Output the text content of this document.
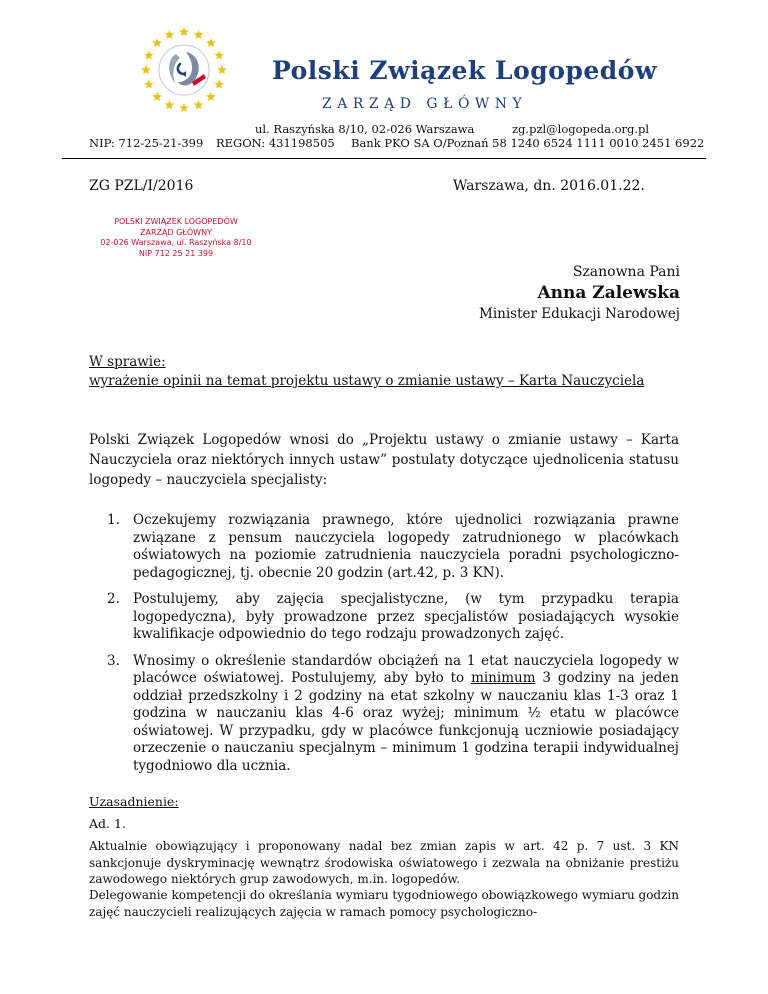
Polski Związek Logopedów
ZARZĄD GŁÓWNY
ul. Raszyńska 8/10, 02-026 Warszawa	zg.pzl@logopeda.org.pl
NIP: 712-25-21-399 REGON: 431198505 Bank PKO SA O/Poznań 58 1240 6524 1111 0010 2451 6922
ZG PZL/I/2016	Warszawa, dn. 2016.01.22.
POLSKI ZWIĄZEK LOGOPEDÓW
ZARZĄD GŁÓWNY
02-026 Warszawa, ul. Raszyńska 8/10
NIP 712 25 21 399
Szanowna Pani
Anna Zalewska
Minister Edukacji Narodowej
W sprawie:
wyrażenie opinii na temat projektu ustawy o zmianie ustawy – Karta Nauczyciela
Polski Związek Logopedów wnosi do „Projektu ustawy o zmianie ustawy – Karta Nauczyciela oraz niektórych innych ustaw” postulaty dotyczące ujednolicenia statusu logopedy – nauczyciela specjalisty:
1. Oczekujemy rozwiązania prawnego, które ujednolici rozwiązania prawne związane z pensum nauczyciela logopedy zatrudnionego w placówkach oświatowych na poziomie zatrudnienia nauczyciela poradni psychologiczno-pedagogicznej, tj. obecnie 20 godzin (art.42, p. 3 KN).
2. Postulujemy, aby zajęcia specjalistyczne, (w tym przypadku terapia logopedyczna), były prowadzone przez specjalistów posiadających wysokie kwalifikacje odpowiednio do tego rodzaju prowadzonych zajęć.
3. Wnosimy o określenie standardów obciążeń na 1 etat nauczyciela logopedy w placówce oświatowej. Postulujemy, aby było to minimum 3 godziny na jeden oddział przedszkolny i 2 godziny na etat szkolny w nauczaniu klas 1-3 oraz 1 godzina w nauczaniu klas 4-6 oraz wyżej; minimum ½ etatu w placówce oświatowej. W przypadku, gdy w placówce funkcjonują uczniowie posiadający orzeczenie o nauczaniu specjalnym – minimum 1 godzina terapii indywidualnej tygodniowo dla ucznia.
Uzasadnienie:
Ad. 1.
Aktualnie obowiązujący i proponowany nadal bez zmian zapis w art. 42 p. 7 ust. 3 KN sankcjonuje dyskryminację wewnątrz środowiska oświatowego i zezwala na obniżanie prestiżu zawodowego niektórych grup zawodowych, m.in. logopedów.
Delegowanie kompetencji do określania wymiaru tygodniowego obowiązkowego wymiaru godzin zajęć nauczycieli realizujących zajęcia w ramach pomocy psychologiczno-
